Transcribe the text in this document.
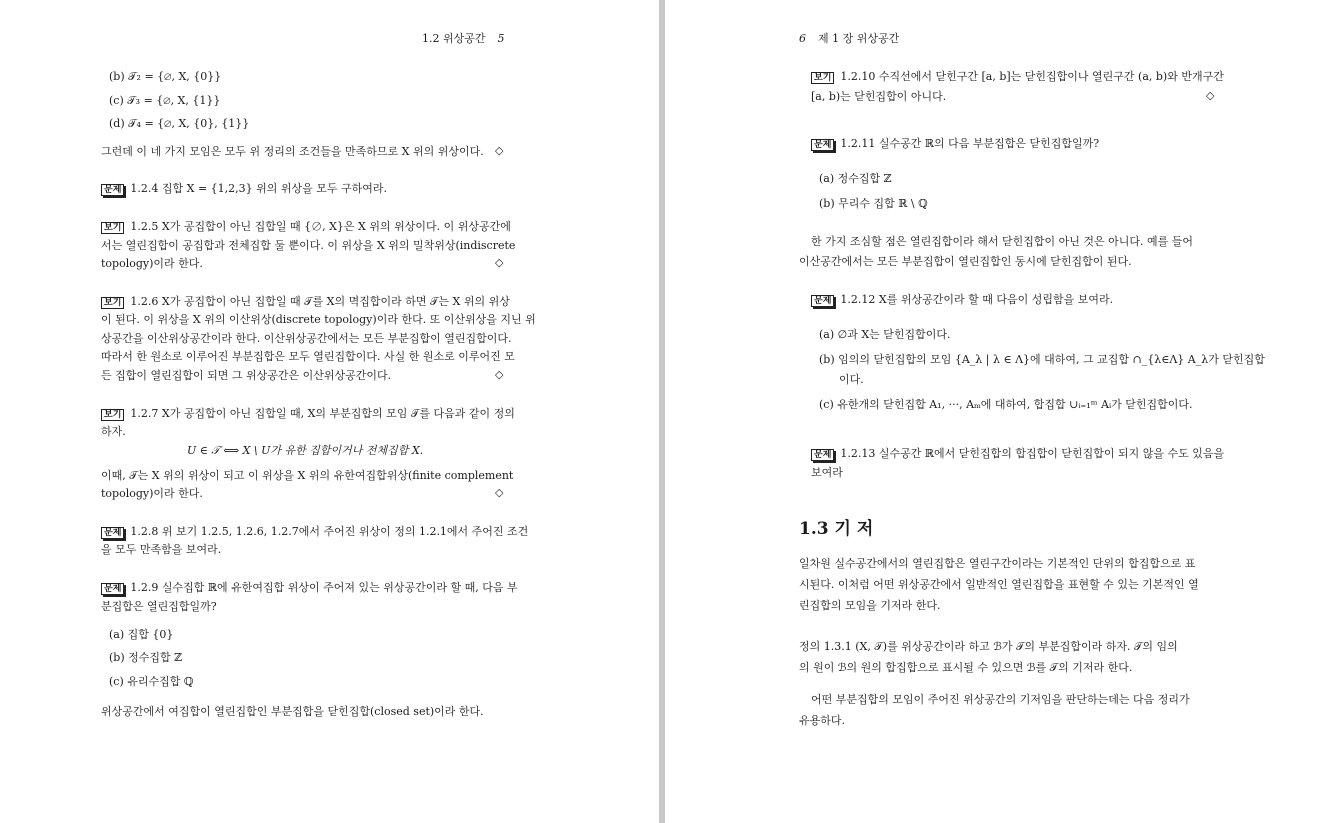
1.2 위상공간 5
(b) 𝒯₂ = {∅, X, {0}}
(c) 𝒯₃ = {∅, X, {1}}
(d) 𝒯₄ = {∅, X, {0}, {1}}
그런데 이 네 가지 모임은 모두 위 정리의 조건들을 만족하므로 X 위의 위상이다. ◇
문제 1.2.4 집합 X = {1,2,3} 위의 위상을 모두 구하여라.
보기 1.2.5 X가 공집합이 아닌 집합일 때 {∅, X}은 X 위의 위상이다. 이 위상공간에
서는 열린집합이 공집합과 전체집합 둘 뿐이다. 이 위상을 X 위의 밀착위상(indiscrete
topology)이라 한다.	◇
보기 1.2.6 X가 공집합이 아닌 집합일 때 𝒯를 X의 멱집합이라 하면 𝒯는 X 위의 위상
이 된다. 이 위상을 X 위의 이산위상(discrete topology)이라 한다. 또 이산위상을 지닌 위
상공간을 이산위상공간이라 한다. 이산위상공간에서는 모든 부분집합이 열린집합이다.
따라서 한 원소로 이루어진 부분집합은 모두 열린집합이다. 사실 한 원소로 이루어진 모
든 집합이 열린집합이 되면 그 위상공간은 이산위상공간이다.	◇
보기 1.2.7 X가 공집합이 아닌 집합일 때, X의 부분집합의 모임 𝒯를 다음과 같이 정의
하자.
U ∈ 𝒯 ⟺ X \ U가 유한 집합이거나 전체집합 X.
이때, 𝒯는 X 위의 위상이 되고 이 위상을 X 위의 유한여집합위상(finite complement
topology)이라 한다.	◇
문제 1.2.8 위 보기 1.2.5, 1.2.6, 1.2.7에서 주어진 위상이 정의 1.2.1에서 주어진 조건
을 모두 만족함을 보여라.
문제 1.2.9 실수집합 ℝ에 유한여집합 위상이 주어져 있는 위상공간이라 할 때, 다음 부
분집합은 열린집합일까?
(a) 집합 {0}
(b) 정수집합 ℤ
(c) 유리수집합 ℚ
위상공간에서 여집합이 열린집합인 부분집합을 닫힌집합(closed set)이라 한다.
6 제 1 장 위상공간
보기 1.2.10 수직선에서 닫힌구간 [a, b]는 닫힌집합이나 열린구간 (a, b)와 반개구간
[a, b)는 닫힌집합이 아니다.	◇
문제 1.2.11 실수공간 ℝ의 다음 부분집합은 닫힌집합일까?
(a) 정수집합 ℤ
(b) 무리수 집합 ℝ \ ℚ
한 가지 조심할 점은 열린집합이라 해서 닫힌집합이 아닌 것은 아니다. 예를 들어
이산공간에서는 모든 부분집합이 열린집합인 동시에 닫힌집합이 된다.
문제 1.2.12 X를 위상공간이라 할 때 다음이 성립함을 보여라.
(a) ∅과 X는 닫힌집합이다.
(b) 임의의 닫힌집합의 모임 {A_λ | λ ∈ Λ}에 대하여, 그 교집합 ∩_{λ∈Λ} A_λ가 닫힌집합
이다.
(c) 유한개의 닫힌집합 A₁, ···, Aₘ에 대하여, 합집합 ∪ᵢ₌₁ᵐ Aᵢ가 닫힌집합이다.
문제 1.2.13 실수공간 ℝ에서 닫힌집합의 합집합이 닫힌집합이 되지 않을 수도 있음을
보여라
1.3 기 저
일차원 실수공간에서의 열린집합은 열린구간이라는 기본적인 단위의 합집합으로 표
시된다. 이처럼 어떤 위상공간에서 일반적인 열린집합을 표현할 수 있는 기본적인 열
린집합의 모임을 기저라 한다.
정의 1.3.1 (X, 𝒯)를 위상공간이라 하고 ℬ가 𝒯의 부분집합이라 하자. 𝒯의 임의
의 원이 ℬ의 원의 합집합으로 표시될 수 있으면 ℬ를 𝒯의 기저라 한다.
어떤 부분집합의 모임이 주어진 위상공간의 기저임을 판단하는데는 다음 정리가
유용하다.
